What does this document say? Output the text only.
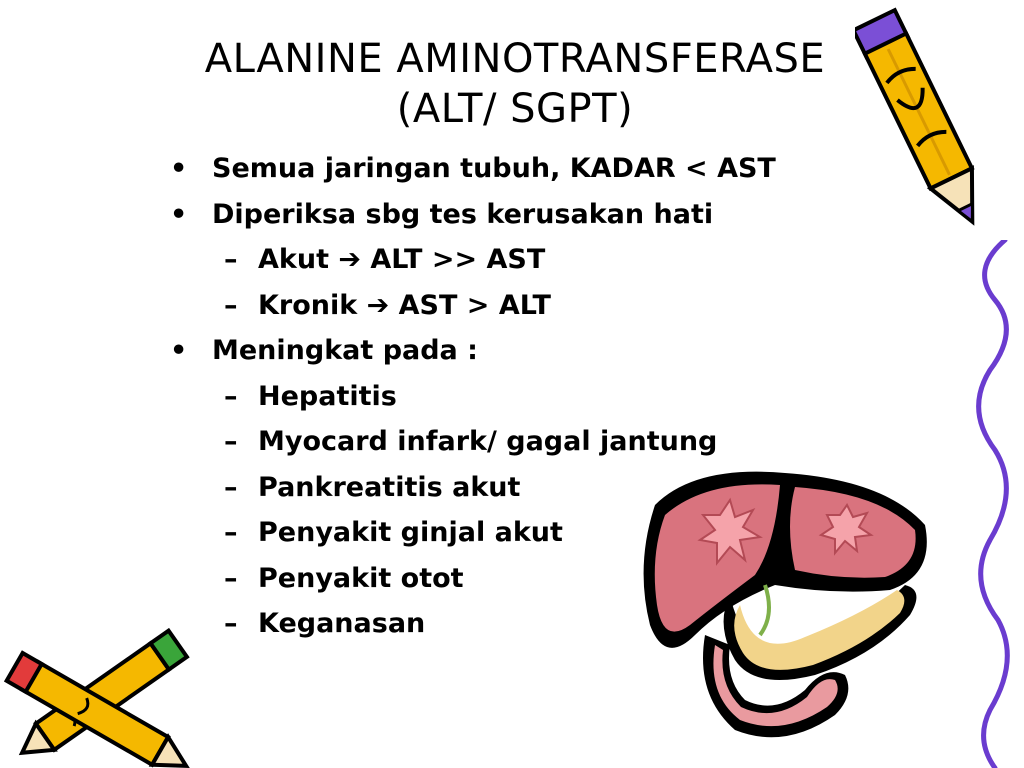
ALANINE AMINOTRANSFERASE
(ALT/ SGPT)
• Semua jaringan tubuh, KADAR < AST
• Diperiksa sbg tes kerusakan hati
– Akut ➔ ALT >> AST
– Kronik ➔ AST > ALT
• Meningkat pada :
– Hepatitis
– Myocard infark/ gagal jantung
– Pankreatitis akut
– Penyakit ginjal akut
– Penyakit otot
– Keganasan
